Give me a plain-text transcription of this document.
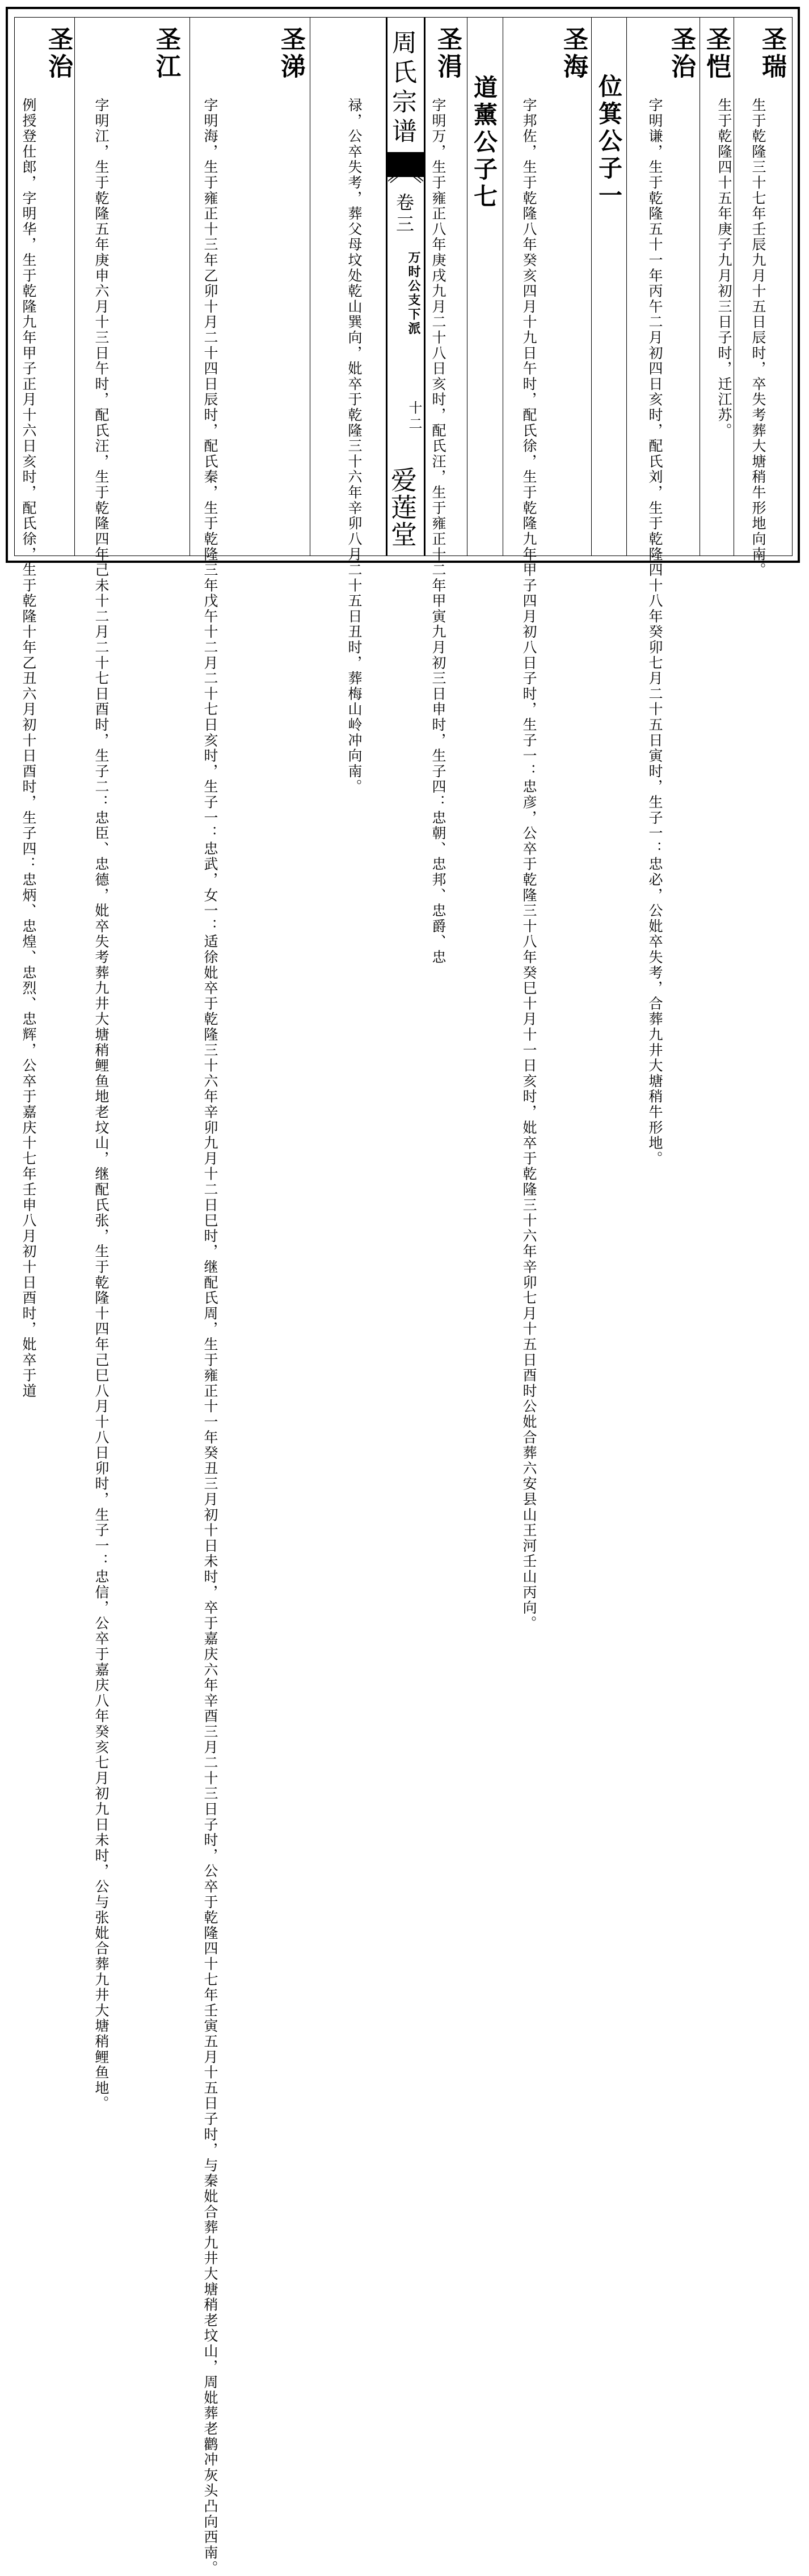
圣瑞
生于乾隆三十七年壬辰九月十五日辰时，卒失考葬大塘稍牛形地向南。
圣恺
生于乾隆四十五年庚子九月初三日子时，迁江苏。
圣治
字明谦，生于乾隆五十一年丙午二月初四日亥时，配氏刘，生于乾隆四十八年癸卯七月二十五日寅时，生子一：忠必，公妣卒失考，合葬九井大塘稍牛形地。
位箕公子一
圣海
字邦佐，生于乾隆八年癸亥四月十九日午时，配氏徐，生于乾隆九年甲子四月初八日子时，生子一：忠彦，公卒于乾隆三十八年癸巳十月十一日亥时，妣卒于乾隆三十六年辛卯七月十五日酉时公妣合葬六安县山王河壬山丙向。
道薰公子七
圣涓
字明万，生于雍正八年庚戌九月二十八日亥时，配氏汪，生于雍正十二年甲寅九月初三日申时，生子四：忠朝、忠邦、忠爵、忠
周氏宗谱
卷三
万时公支下派
十二
爱莲堂
禄，公卒失考，葬父母坟处乾山巽向，妣卒于乾隆三十六年辛卯八月二十五日丑时，葬梅山岭冲向南。
圣涕
字明海，生于雍正十三年乙卯十月二十四日辰时，配氏秦，生于乾隆三年戊午十二月二十七日亥时，生子一：忠武，女一：适徐妣卒于乾隆三十六年辛卯九月十二日巳时，继配氏周，生于雍正十一年癸丑三月初十日未时，卒于嘉庆六年辛酉三月二十三日子时，公卒于乾隆四十七年壬寅五月十五日子时，与秦妣合葬九井大塘稍老坟山，周妣葬老鹳冲灰头凸向西南。
圣江
字明江，生于乾隆五年庚申六月十三日午时，配氏汪，生于乾隆四年己未十二月二十七日酉时，生子二：忠臣、忠德，妣卒失考葬九井大塘稍鲤鱼地老坟山，继配氏张，生于乾隆十四年己巳八月十八日卯时，生子一：忠信，公卒于嘉庆八年癸亥七月初九日未时，公与张妣合葬九井大塘稍鲤鱼地。
圣治
例授登仕郎，字明华，生于乾隆九年甲子正月十六日亥时，配氏徐，生于乾隆十年乙丑六月初十日酉时，生子四：忠炳、忠煌、忠烈、忠辉，公卒于嘉庆十七年壬申八月初十日酉时，妣卒于道
